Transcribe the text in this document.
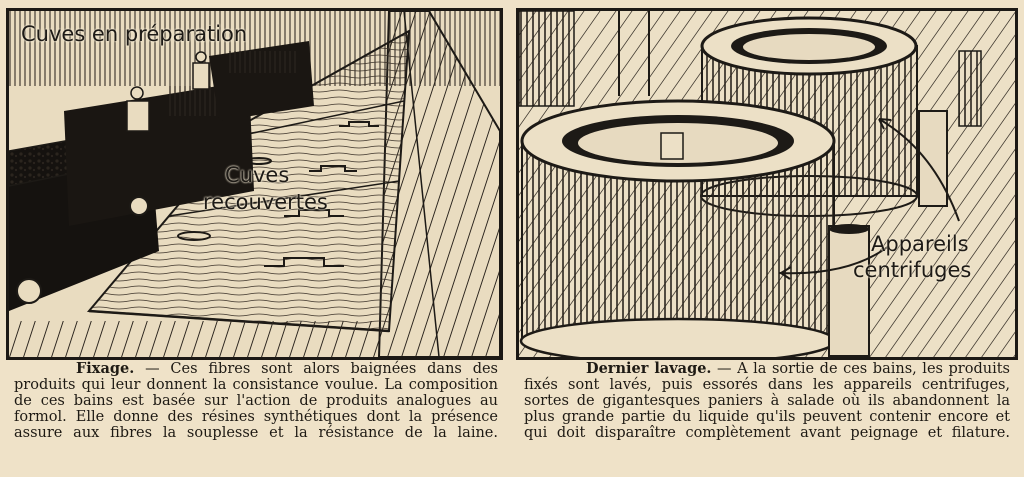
Cuves en préparation
Cuves
recouvertes
Appareils
centrifuges

Fixage. — Ces fibres sont alors baignées dans des produits qui leur donnent la consistance voulue. La composition de ces bains est basée sur l'action de produits analogues au formol. Elle donne des résines synthétiques dont la présence assure aux fibres la souplesse et la résistance de la laine.

Dernier lavage. — A la sortie de ces bains, les produits fixés sont lavés, puis essorés dans les appareils centrifuges, sortes de gigantesques paniers à salade où ils abandonnent la plus grande partie du liquide qu'ils peuvent contenir encore et qui doit disparaître complètement avant peignage et filature.
